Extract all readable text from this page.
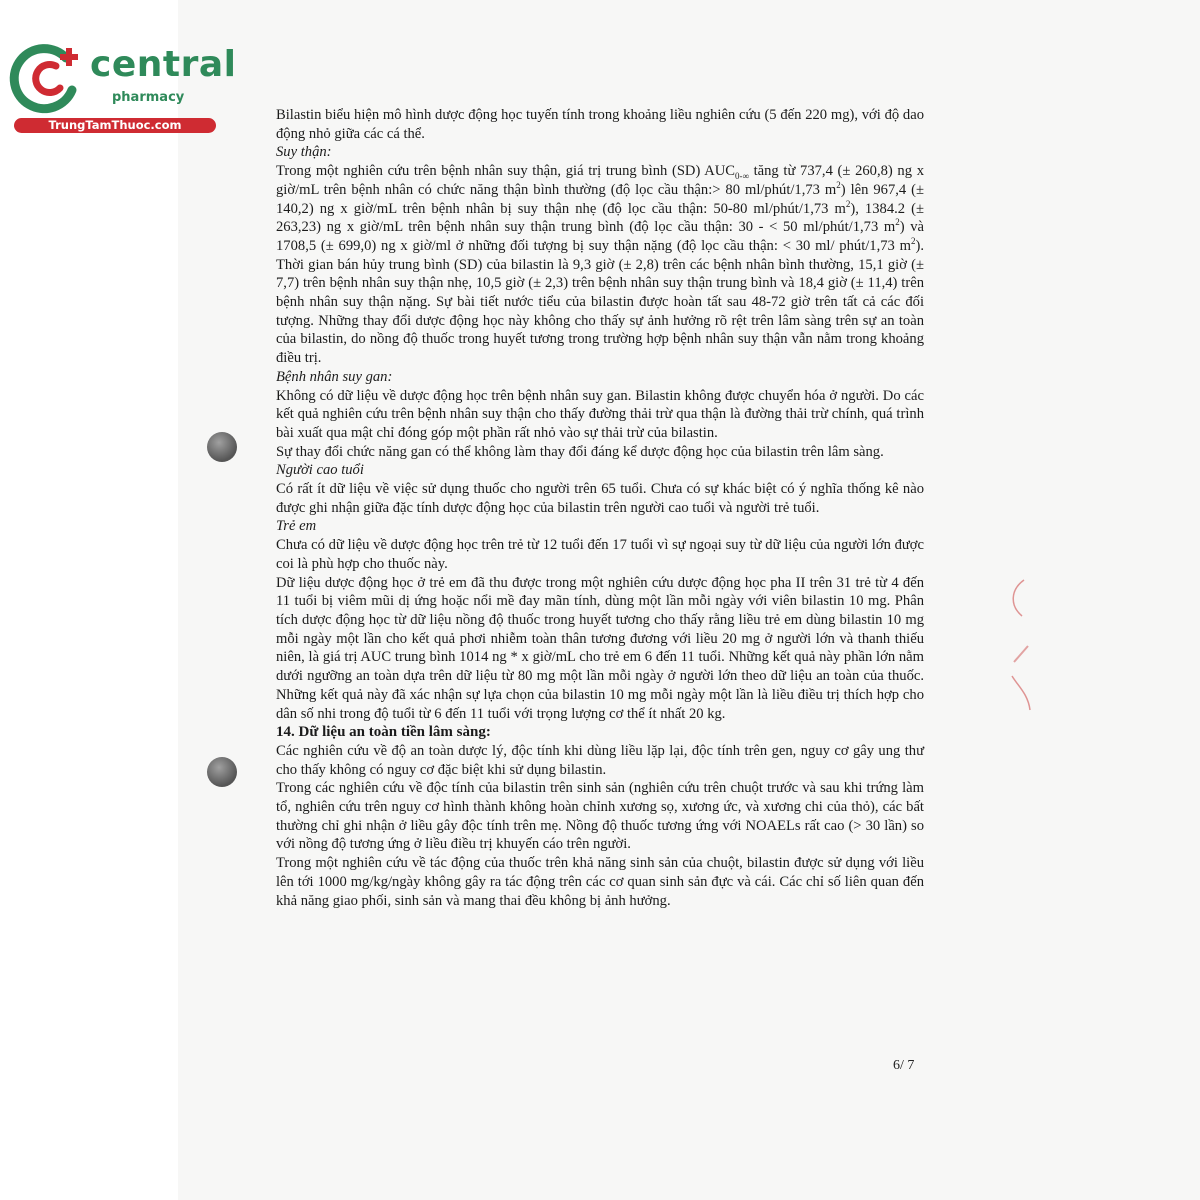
central
pharmacy
TrungTamThuoc.com

Bilastin biểu hiện mô hình dược động học tuyến tính trong khoảng liều nghiên cứu (5 đến 220 mg), với độ dao động nhỏ giữa các cá thể.

Suy thận:

Trong một nghiên cứu trên bệnh nhân suy thận, giá trị trung bình (SD) $AUC_{0-\infty}$ tăng từ 737,4 (± 260,8) ng x giờ/mL trên bệnh nhân có chức năng thận bình thường (độ lọc cầu thận:> 80 ml/phút/1,73 $m^2$) lên 967,4 (± 140,2) ng x giờ/mL trên bệnh nhân bị suy thận nhẹ (độ lọc cầu thận: 50-80 ml/phút/1,73 $m^2$), 1384.2 (± 263,23) ng x giờ/mL trên bệnh nhân suy thận trung bình (độ lọc cầu thận: 30 - < 50 ml/phút/1,73 $m^2$) và 1708,5 (± 699,0) ng x giờ/ml ở những đối tượng bị suy thận nặng (độ lọc cầu thận: < 30 ml/ phút/1,73 $m^2$). Thời gian bán hủy trung bình (SD) của bilastin là 9,3 giờ (± 2,8) trên các bệnh nhân bình thường, 15,1 giờ (± 7,7) trên bệnh nhân suy thận nhẹ, 10,5 giờ (± 2,3) trên bệnh nhân suy thận trung bình và 18,4 giờ (± 11,4) trên bệnh nhân suy thận nặng. Sự bài tiết nước tiểu của bilastin được hoàn tất sau 48-72 giờ trên tất cả các đối tượng. Những thay đổi dược động học này không cho thấy sự ảnh hưởng rõ rệt trên lâm sàng trên sự an toàn của bilastin, do nồng độ thuốc trong huyết tương trong trường hợp bệnh nhân suy thận vẫn nằm trong khoảng điều trị.

Bệnh nhân suy gan:

Không có dữ liệu về dược động học trên bệnh nhân suy gan. Bilastin không được chuyển hóa ở người. Do các kết quả nghiên cứu trên bệnh nhân suy thận cho thấy đường thải trừ qua thận là đường thải trừ chính, quá trình bài xuất qua mật chỉ đóng góp một phần rất nhỏ vào sự thải trừ của bilastin.

Sự thay đổi chức năng gan có thể không làm thay đổi đáng kể dược động học của bilastin trên lâm sàng.

Người cao tuổi

Có rất ít dữ liệu về việc sử dụng thuốc cho người trên 65 tuổi. Chưa có sự khác biệt có ý nghĩa thống kê nào được ghi nhận giữa đặc tính dược động học của bilastin trên người cao tuổi và người trẻ tuổi.

Trẻ em

Chưa có dữ liệu về dược động học trên trẻ từ 12 tuổi đến 17 tuổi vì sự ngoại suy từ dữ liệu của người lớn được coi là phù hợp cho thuốc này.

Dữ liệu dược động học ở trẻ em đã thu được trong một nghiên cứu dược động học pha II trên 31 trẻ từ 4 đến 11 tuổi bị viêm mũi dị ứng hoặc nổi mề đay mãn tính, dùng một lần mỗi ngày với viên bilastin 10 mg. Phân tích dược động học từ dữ liệu nồng độ thuốc trong huyết tương cho thấy rằng liều trẻ em dùng bilastin 10 mg mỗi ngày một lần cho kết quả phơi nhiễm toàn thân tương đương với liều 20 mg ở người lớn và thanh thiếu niên, là giá trị AUC trung bình 1014 ng * x giờ/mL cho trẻ em 6 đến 11 tuổi. Những kết quả này phần lớn nằm dưới ngưỡng an toàn dựa trên dữ liệu từ 80 mg một lần mỗi ngày ở người lớn theo dữ liệu an toàn của thuốc. Những kết quả này đã xác nhận sự lựa chọn của bilastin 10 mg mỗi ngày một lần là liều điều trị thích hợp cho dân số nhi trong độ tuổi từ 6 đến 11 tuổi với trọng lượng cơ thể ít nhất 20 kg.

14. Dữ liệu an toàn tiền lâm sàng:

Các nghiên cứu về độ an toàn dược lý, độc tính khi dùng liều lặp lại, độc tính trên gen, nguy cơ gây ung thư cho thấy không có nguy cơ đặc biệt khi sử dụng bilastin.

Trong các nghiên cứu về độc tính của bilastin trên sinh sản (nghiên cứu trên chuột trước và sau khi trứng làm tổ, nghiên cứu trên nguy cơ hình thành không hoàn chỉnh xương sọ, xương ức, và xương chi của thỏ), các bất thường chỉ ghi nhận ở liều gây độc tính trên mẹ. Nồng độ thuốc tương ứng với NOAELs rất cao (> 30 lần) so với nồng độ tương ứng ở liều điều trị khuyến cáo trên người.

Trong một nghiên cứu về tác động của thuốc trên khả năng sinh sản của chuột, bilastin được sử dụng với liều lên tới 1000 mg/kg/ngày không gây ra tác động trên các cơ quan sinh sản đực và cái. Các chỉ số liên quan đến khả năng giao phối, sinh sản và mang thai đều không bị ảnh hưởng.

6/ 7
